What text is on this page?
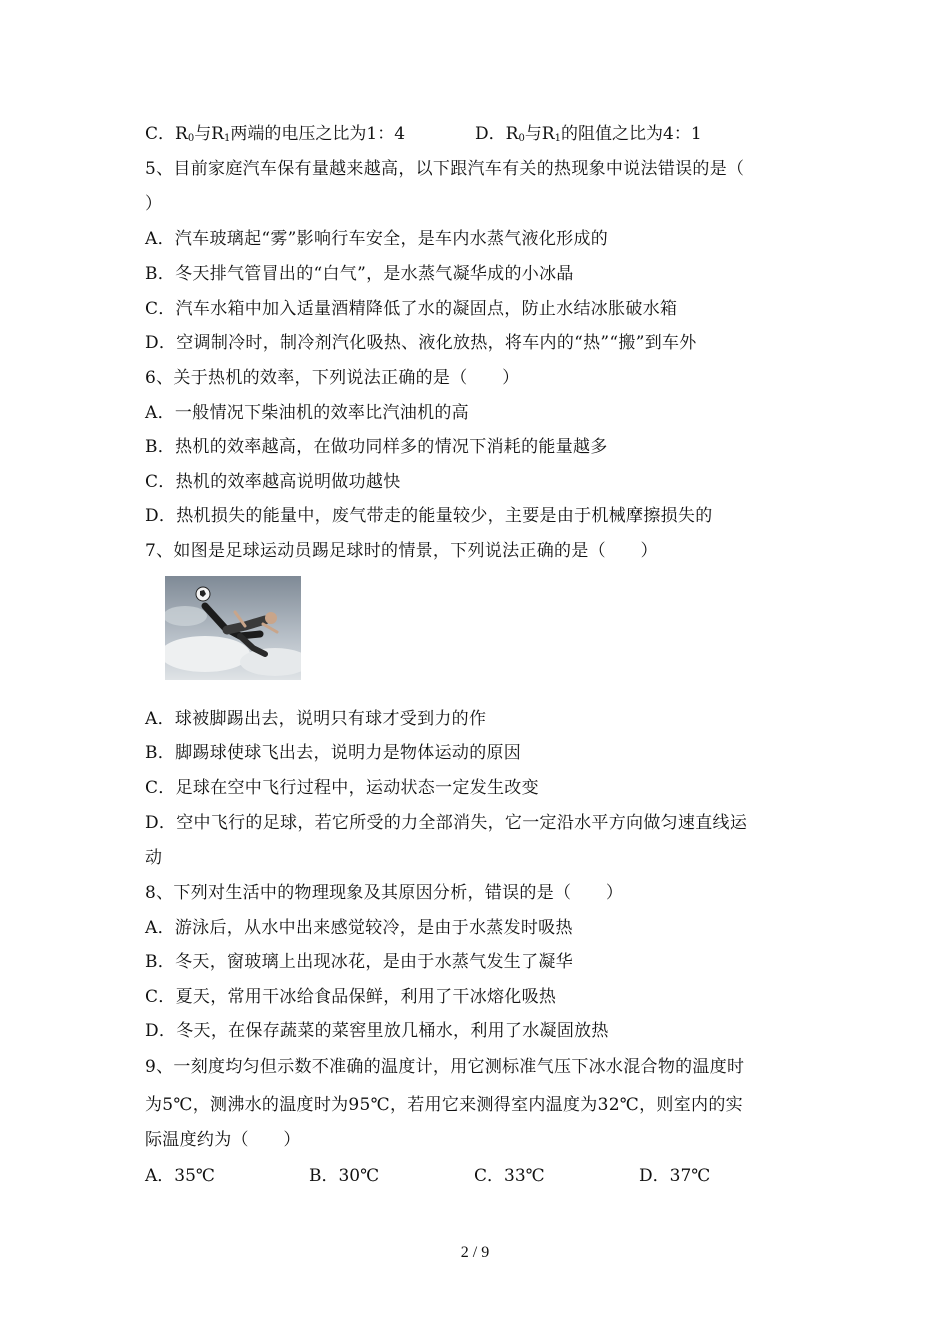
C．$R_0$与$R_1$两端的电压之比为1：4	D．$R_0$与$R_1$的阻值之比为4：1
5、目前家庭汽车保有量越来越高，以下跟汽车有关的热现象中说法错误的是（
）
A．汽车玻璃起“雾”影响行车安全，是车内水蒸气液化形成的
B．冬天排气管冒出的“白气”，是水蒸气凝华成的小冰晶
C．汽车水箱中加入适量酒精降低了水的凝固点，防止水结冰胀破水箱
D．空调制冷时，制冷剂汽化吸热、液化放热，将车内的“热”“搬”到车外
6、关于热机的效率，下列说法正确的是（　　）
A．一般情况下柴油机的效率比汽油机的高
B．热机的效率越高，在做功同样多的情况下消耗的能量越多
C．热机的效率越高说明做功越快
D．热机损失的能量中，废气带走的能量较少，主要是由于机械摩擦损失的
7、如图是足球运动员踢足球时的情景，下列说法正确的是（　　）
A．球被脚踢出去，说明只有球才受到力的作
B．脚踢球使球飞出去，说明力是物体运动的原因
C．足球在空中飞行过程中，运动状态一定发生改变
D．空中飞行的足球，若它所受的力全部消失，它一定沿水平方向做匀速直线运
动
8、下列对生活中的物理现象及其原因分析，错误的是（　　）
A．游泳后，从水中出来感觉较冷，是由于水蒸发时吸热
B．冬天，窗玻璃上出现冰花，是由于水蒸气发生了凝华
C．夏天，常用干冰给食品保鲜，利用了干冰熔化吸热
D．冬天，在保存蔬菜的菜窖里放几桶水，利用了水凝固放热
9、一刻度均匀但示数不准确的温度计，用它测标准气压下冰水混合物的温度时
为5℃，测沸水的温度时为95℃，若用它来测得室内温度为32℃，则室内的实
际温度约为（　　）
A．35℃	B．30℃	C．33℃	D．37℃
2 / 9
